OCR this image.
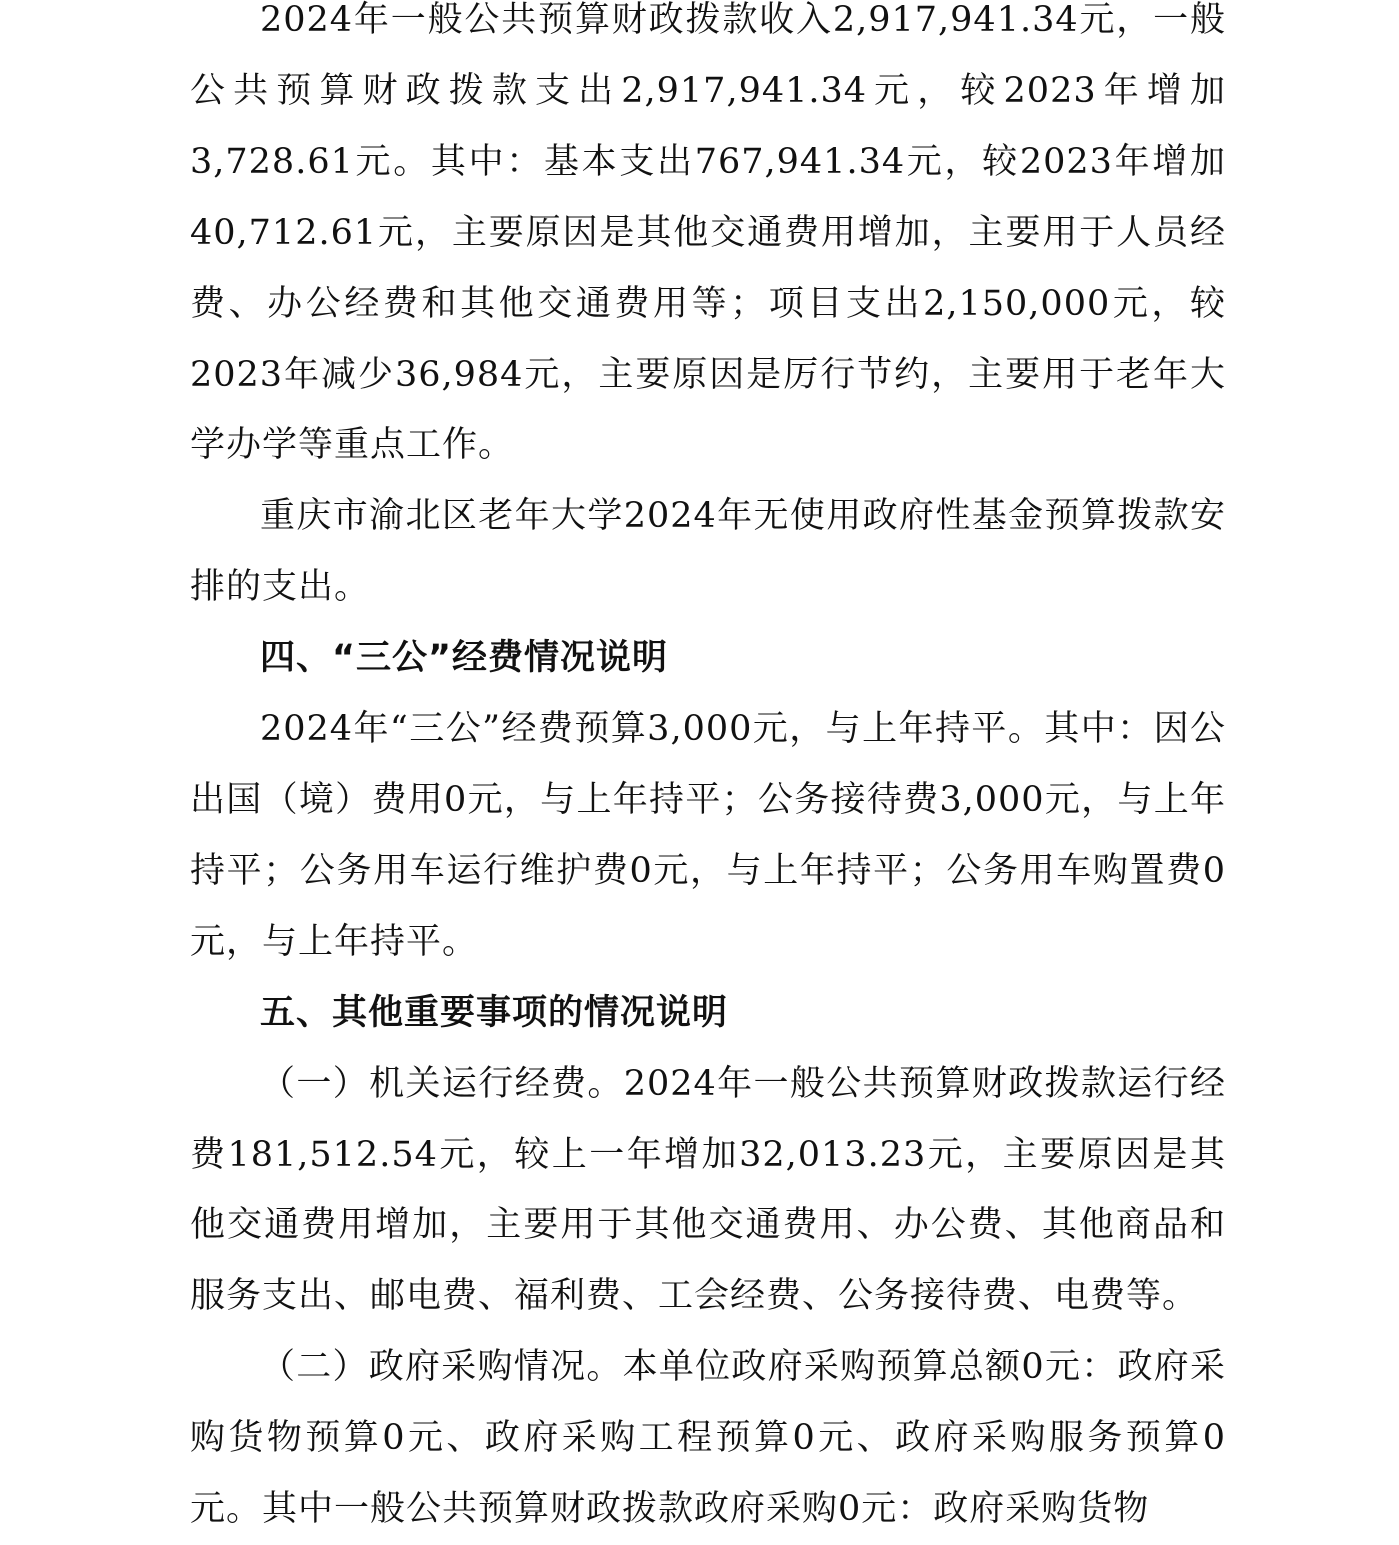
2024年一般公共预算财政拨款收入2,917,941.34元，一般公共预算财政拨款支出2,917,941.34元，较2023年增加3,728.61元。其中：基本支出767,941.34元，较2023年增加40,712.61元，主要原因是其他交通费用增加，主要用于人员经费、办公经费和其他交通费用等；项目支出2,150,000元，较2023年减少36,984元，主要原因是厉行节约，主要用于老年大学办学等重点工作。

重庆市渝北区老年大学2024年无使用政府性基金预算拨款安排的支出。

四、“三公”经费情况说明

2024年“三公”经费预算3,000元，与上年持平。其中：因公出国（境）费用0元，与上年持平；公务接待费3,000元，与上年持平；公务用车运行维护费0元，与上年持平；公务用车购置费0元，与上年持平。

五、其他重要事项的情况说明

（一）机关运行经费。2024年一般公共预算财政拨款运行经费181,512.54元，较上一年增加32,013.23元，主要原因是其他交通费用增加，主要用于其他交通费用、办公费、其他商品和服务支出、邮电费、福利费、工会经费、公务接待费、电费等。

（二）政府采购情况。本单位政府采购预算总额0元：政府采购货物预算0元、政府采购工程预算0元、政府采购服务预算0元。其中一般公共预算财政拨款政府采购0元：政府采购货物
